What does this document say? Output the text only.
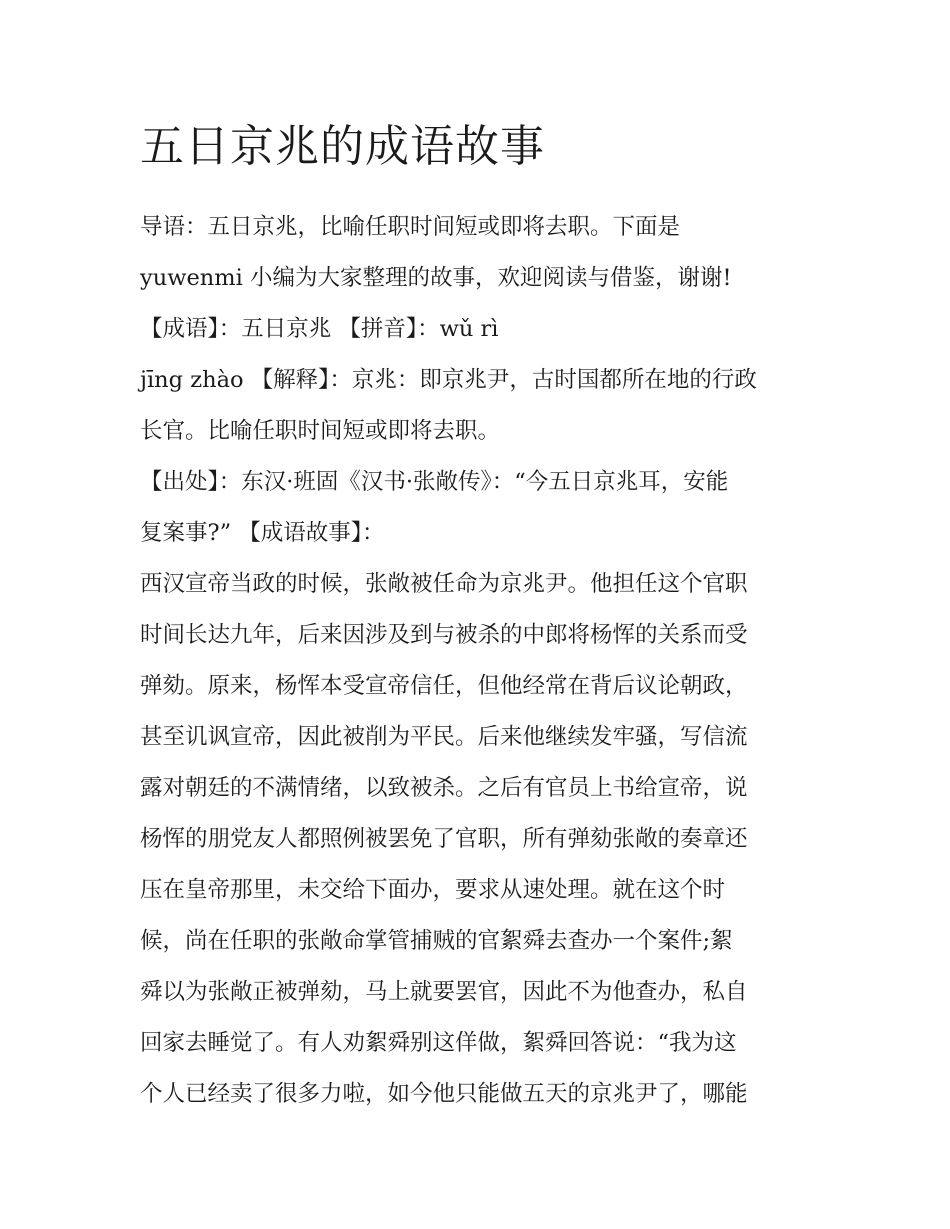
五日京兆的成语故事

导语：五日京兆，比喻任职时间短或即将去职。下面是

yuwenmi 小编为大家整理的故事，欢迎阅读与借鉴，谢谢!

【成语】：五日京兆 【拼音】：wǔ rì

jīng zhào 【解释】：京兆：即京兆尹，古时国都所在地的行政

长官。比喻任职时间短或即将去职。

【出处】：东汉·班固《汉书·张敞传》：“今五日京兆耳，安能

复案事?” 【成语故事】：

西汉宣帝当政的时候，张敞被任命为京兆尹。他担任这个官职

时间长达九年，后来因涉及到与被杀的中郎将杨恽的关系而受

弹劾。原来，杨恽本受宣帝信任，但他经常在背后议论朝政，

甚至讥讽宣帝，因此被削为平民。后来他继续发牢骚，写信流

露对朝廷的不满情绪，以致被杀。之后有官员上书给宣帝，说

杨恽的朋党友人都照例被罢免了官职，所有弹劾张敞的奏章还

压在皇帝那里，未交给下面办，要求从速处理。就在这个时

候，尚在任职的张敞命掌管捕贼的官絮舜去查办一个案件;絮

舜以为张敞正被弹劾，马上就要罢官，因此不为他查办，私自

回家去睡觉了。有人劝絮舜别这佯做，絮舜回答说：“我为这

个人已经卖了很多力啦，如今他只能做五天的京兆尹了，哪能
